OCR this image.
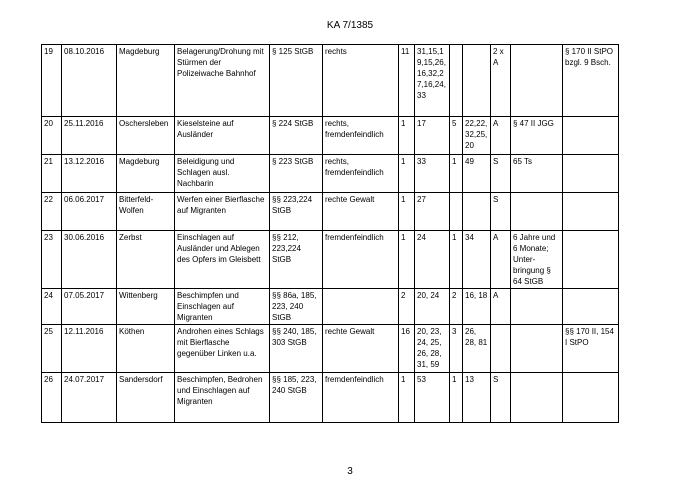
KA 7/1385
19	08.10.2016	Magdeburg	Belagerung/Drohung mit Stürmen der Polizeiwache Bahnhof	§ 125 StGB	rechts	11	31,15,1 9,15,26, 16,32,2 7,16,24, 33			2 x A		§ 170 II StPO bzgl. 9 Bsch.
20	25.11.2016	Oschersleben	Kieselsteine auf Ausländer	§ 224 StGB	rechts, fremdenfeindlich	1	17	5	22,22, 32,25, 20	A	§ 47 II JGG	
21	13.12.2016	Magdeburg	Beleidigung und Schlagen ausl. Nachbarin	§ 223 StGB	rechts, fremdenfeindlich	1	33	1	49	S	65 Ts	
22	06.06.2017	Bitterfeld-Wolfen	Werfen einer Bierflasche auf Migranten	§§ 223,224 StGB	rechte Gewalt	1	27			S		
23	30.06.2016	Zerbst	Einschlagen auf Ausländer und Ablegen des Opfers im Gleisbett	§§ 212, 223,224 StGB	fremdenfeindlich	1	24	1	34	A	6 Jahre und 6 Monate; Unter-bringung § 64 StGB	
24	07.05.2017	Wittenberg	Beschimpfen und Einschlagen auf Migranten	§§ 86a, 185, 223, 240 StGB		2	20, 24	2	16, 18	A		
25	12.11.2016	Köthen	Androhen eines Schlags mit Bierflasche gegenüber Linken u.a.	§§ 240, 185, 303 StGB	rechte Gewalt	16	20, 23, 24, 25, 26, 28, 31, 59	3	26, 28, 81			§§ 170 II, 154 I StPO
26	24.07.2017	Sandersdorf	Beschimpfen, Bedrohen und Einschlagen auf Migranten	§§ 185, 223, 240 StGB	fremdenfeindlich	1	53	1	13	S		
3
